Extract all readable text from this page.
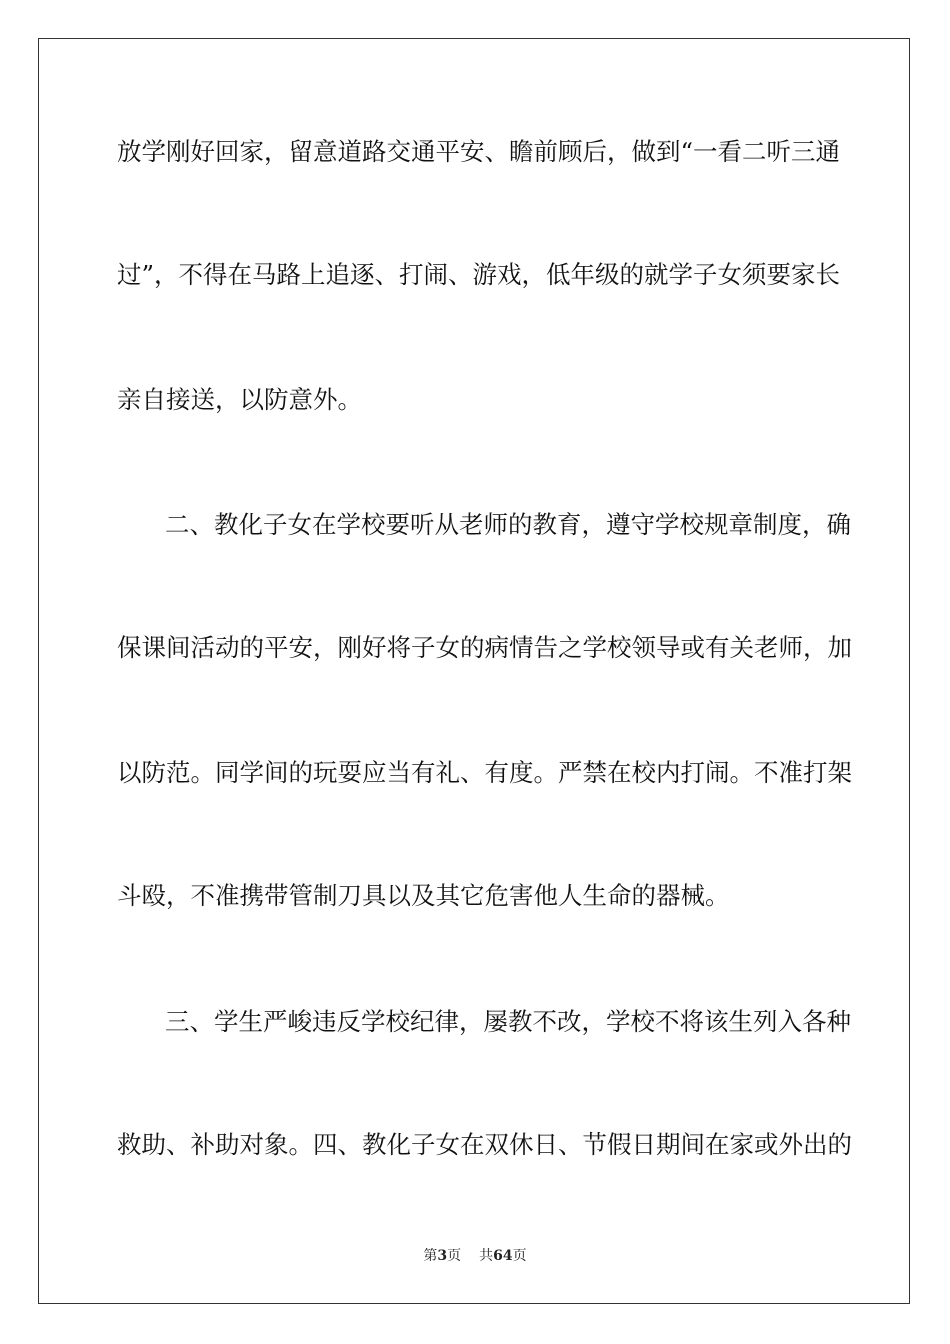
放学刚好回家，留意道路交通平安、瞻前顾后，做到“一看二听三通
过”，不得在马路上追逐、打闹、游戏，低年级的就学子女须要家长
亲自接送，以防意外。
二、教化子女在学校要听从老师的教育，遵守学校规章制度，确
保课间活动的平安，刚好将子女的病情告之学校领导或有关老师，加
以防范。同学间的玩耍应当有礼、有度。严禁在校内打闹。不准打架
斗殴，不准携带管制刀具以及其它危害他人生命的器械。
三、学生严峻违反学校纪律，屡教不改，学校不将该生列入各种
救助、补助对象。四、教化子女在双休日、节假日期间在家或外出的
第3页 共64页
